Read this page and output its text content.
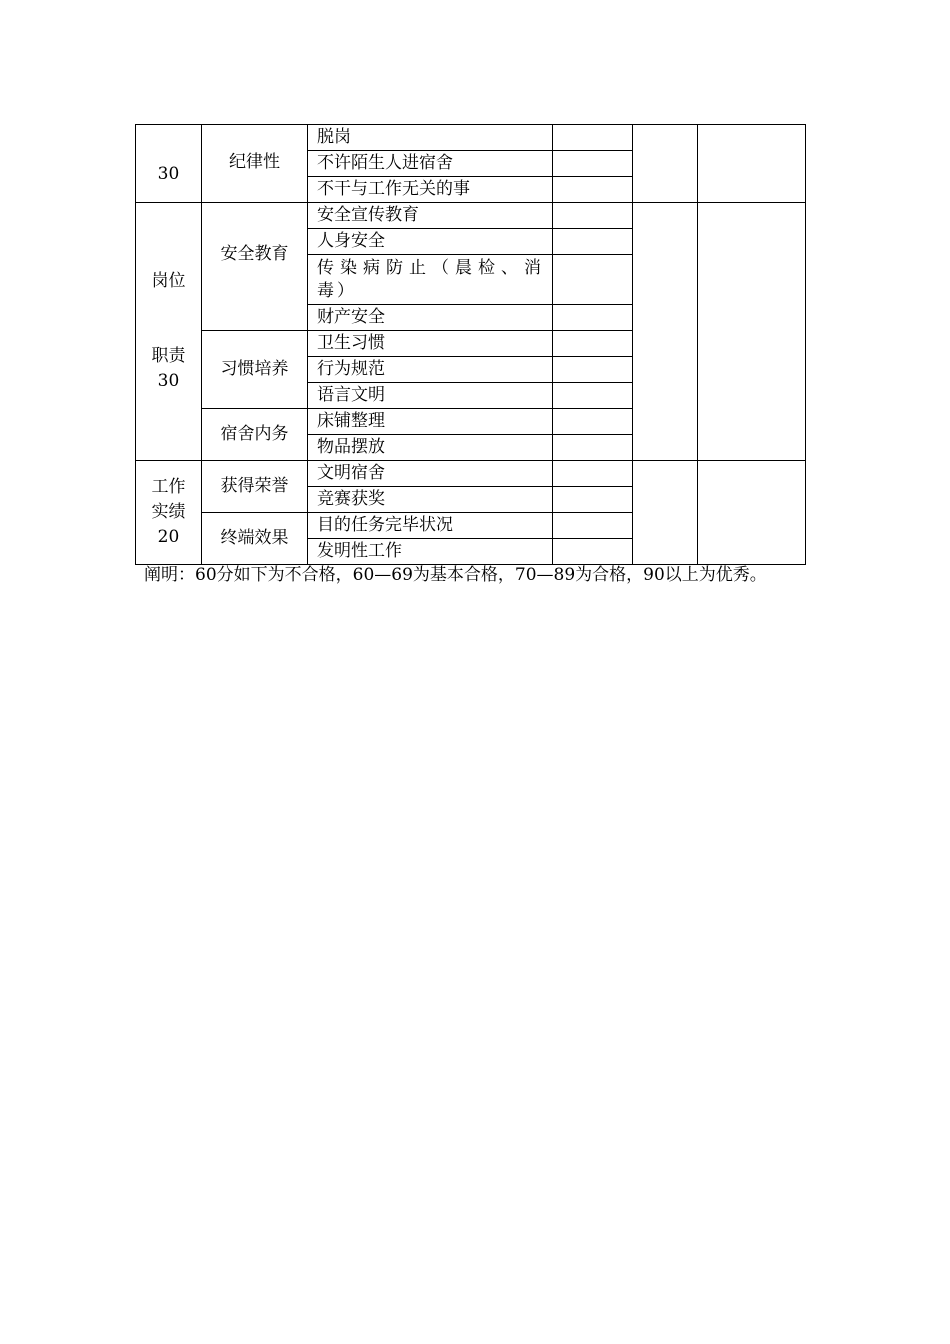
30	纪律性	脱岗			
		不许陌生人进宿舍			
		不干与工作无关的事			

岗位
职责
30	安全教育	安全宣传教育			
		人身安全			

		传染病防止（晨检、消毒）			

		财产安全			
	习惯培养	卫生习惯			
		行为规范			
		语言文明			
	宿舍内务	床铺整理			
		物品摆放			

工作
实绩
20	获得荣誉	文明宿舍			
		竞赛获奖			
	终端效果	目的任务完毕状况			
		发明性工作			
阐明：60分如下为不合格，60—69为基本合格，70—89为合格，90以上为优秀。
